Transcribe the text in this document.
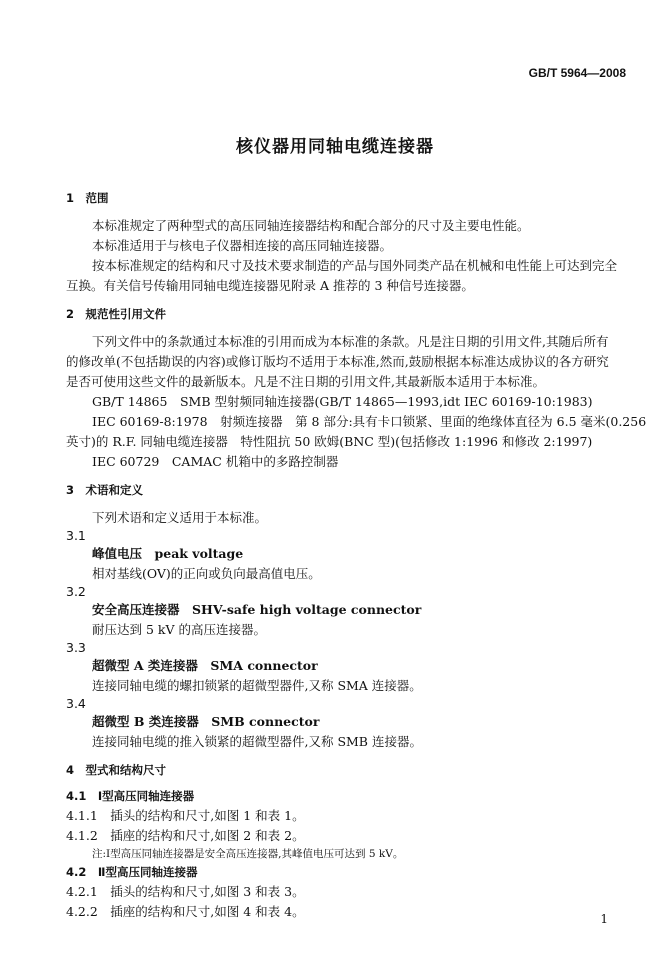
GB/T 5964—2008
核仪器用同轴电缆连接器
1　范围
本标准规定了两种型式的高压同轴连接器结构和配合部分的尺寸及主要电性能。
本标准适用于与核电子仪器相连接的高压同轴连接器。
按本标准规定的结构和尺寸及技术要求制造的产品与国外同类产品在机械和电性能上可达到完全
互换。有关信号传输用同轴电缆连接器见附录 A 推荐的 3 种信号连接器。
2　规范性引用文件
下列文件中的条款通过本标准的引用而成为本标准的条款。凡是注日期的引用文件,其随后所有
的修改单(不包括勘误的内容)或修订版均不适用于本标准,然而,鼓励根据本标准达成协议的各方研究
是否可使用这些文件的最新版本。凡是不注日期的引用文件,其最新版本适用于本标准。
GB/T 14865　SMB 型射频同轴连接器(GB/T 14865—1993,idt IEC 60169-10:1983)
IEC 60169-8:1978　射频连接器　第 8 部分:具有卡口锁紧、里面的绝缘体直径为 6.5 毫米(0.256
英寸)的 R.F. 同轴电缆连接器　特性阻抗 50 欧姆(BNC 型)(包括修改 1:1996 和修改 2:1997)
IEC 60729　CAMAC 机箱中的多路控制器
3　术语和定义
下列术语和定义适用于本标准。
3.1
峰值电压　peak voltage
相对基线(OV)的正向或负向最高值电压。
3.2
安全高压连接器　SHV-safe high voltage connector
耐压达到 5 kV 的高压连接器。
3.3
超微型 A 类连接器　SMA connector
连接同轴电缆的螺扣锁紧的超微型器件,又称 SMA 连接器。
3.4
超微型 B 类连接器　SMB connector
连接同轴电缆的推入锁紧的超微型器件,又称 SMB 连接器。
4　型式和结构尺寸
4.1　Ⅰ型高压同轴连接器
4.1.1　插头的结构和尺寸,如图 1 和表 1。
4.1.2　插座的结构和尺寸,如图 2 和表 2。
注:Ⅰ型高压同轴连接器是安全高压连接器,其峰值电压可达到 5 kV。
4.2　Ⅱ型高压同轴连接器
4.2.1　插头的结构和尺寸,如图 3 和表 3。
4.2.2　插座的结构和尺寸,如图 4 和表 4。	1
